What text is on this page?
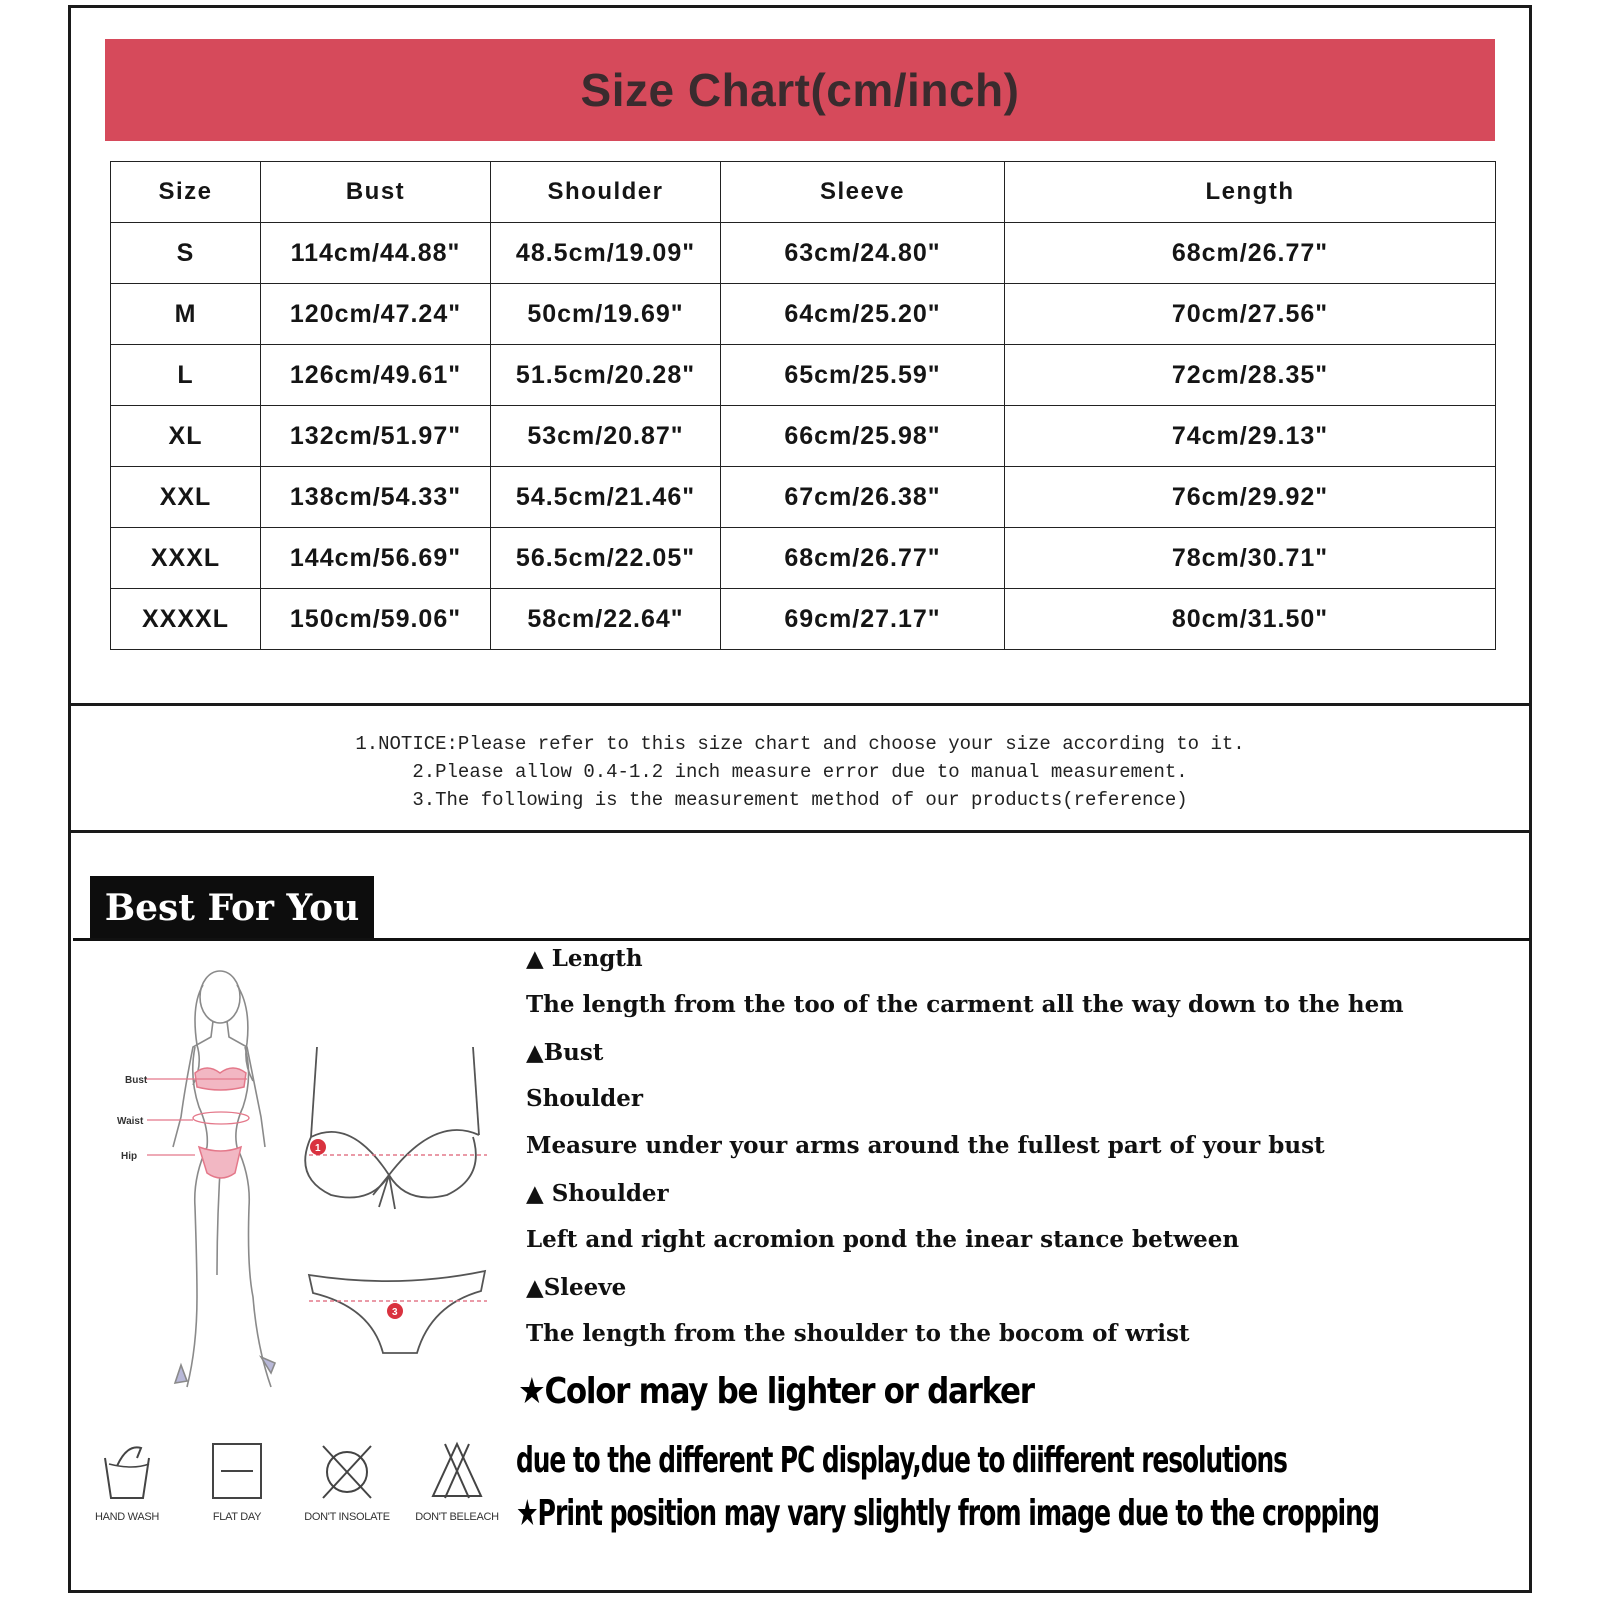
Size Chart(cm/inch)
Size	Bust	Shoulder	Sleeve	Length
S	114cm/44.88"	48.5cm/19.09"	63cm/24.80"	68cm/26.77"
M	120cm/47.24"	50cm/19.69"	64cm/25.20"	70cm/27.56"
L	126cm/49.61"	51.5cm/20.28"	65cm/25.59"	72cm/28.35"
XL	132cm/51.97"	53cm/20.87"	66cm/25.98"	74cm/29.13"
XXL	138cm/54.33"	54.5cm/21.46"	67cm/26.38"	76cm/29.92"
XXXL	144cm/56.69"	56.5cm/22.05"	68cm/26.77"	78cm/30.71"
XXXXL	150cm/59.06"	58cm/22.64"	69cm/27.17"	80cm/31.50"
1.NOTICE:Please refer to this size chart and choose your size according to it.
2.Please allow 0.4-1.2 inch measure error due to manual measurement.
3.The following is the measurement method of our products(reference)
Best For You
Bust
Waist
Hip
1
3
HAND WASH	FLAT DAY	DON'T INSOLATE	DON'T BELEACH
▲ Length
The length from the too of the carment all the way down to the hem
▲Bust
Shoulder
Measure under your arms around the fullest part of your bust
▲ Shoulder
Left and right acromion pond the inear stance between
▲Sleeve
The length from the shoulder to the bocom of wrist
★Color may be lighter or darker
due to the different PC display,due to diifferent resolutions
★Print position may vary slightly from image due to the cropping
